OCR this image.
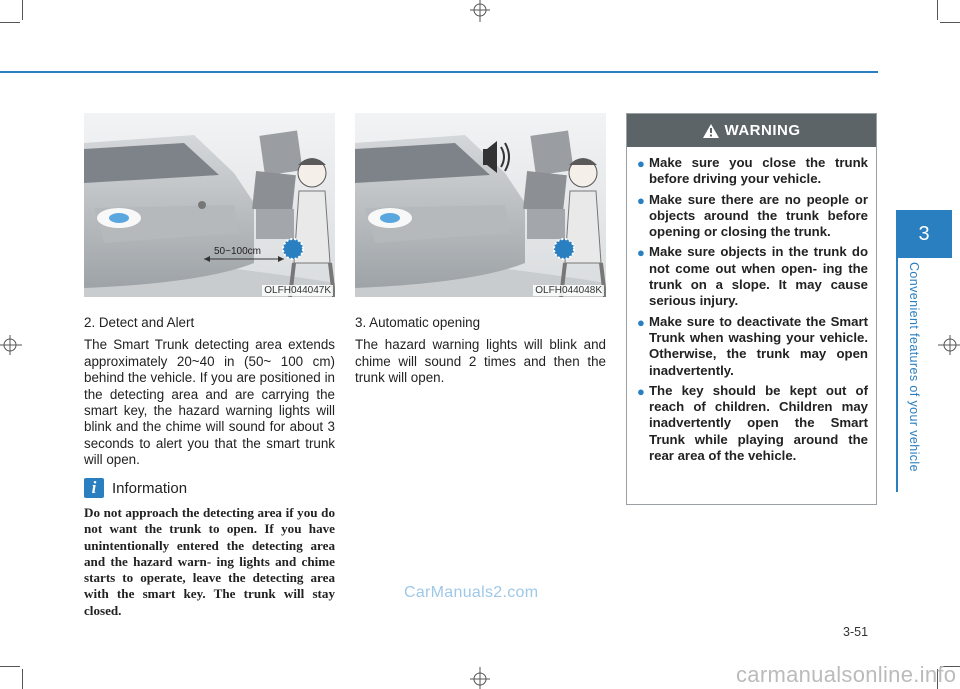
50~100cm
OLFH044047K	OLFH044048K

2. Detect and Alert

The Smart Trunk detecting area extends approximately 20~40 in (50~ 100 cm) behind the vehicle. If you are positioned in the detecting area and are carrying the smart key, the hazard warning lights will blink and the chime will sound for about 3 seconds to alert you that the smart trunk will open.

i	Information
Do not approach the detecting area if you do not want the trunk to open. If you have unintentionally entered the detecting area and the hazard warn- ing lights and chime starts to operate, leave the detecting area with the smart key. The trunk will stay closed.

3. Automatic opening

The hazard warning lights will blink and chime will sound 2 times and then the trunk will open.

WARNING
● Make sure you close the trunk before driving your vehicle.
● Make sure there are no people or objects around the trunk before opening or closing the trunk.
● Make sure objects in the trunk do not come out when open- ing the trunk on a slope. It may cause serious injury.
● Make sure to deactivate the Smart Trunk when washing your vehicle. Otherwise, the trunk may open inadvertently.
● The key should be kept out of reach of children. Children may inadvertently open the Smart Trunk while playing around the rear area of the vehicle.
3
Convenient features of your vehicle
3-51
CarManuals2.com
carmanualsonline.info
